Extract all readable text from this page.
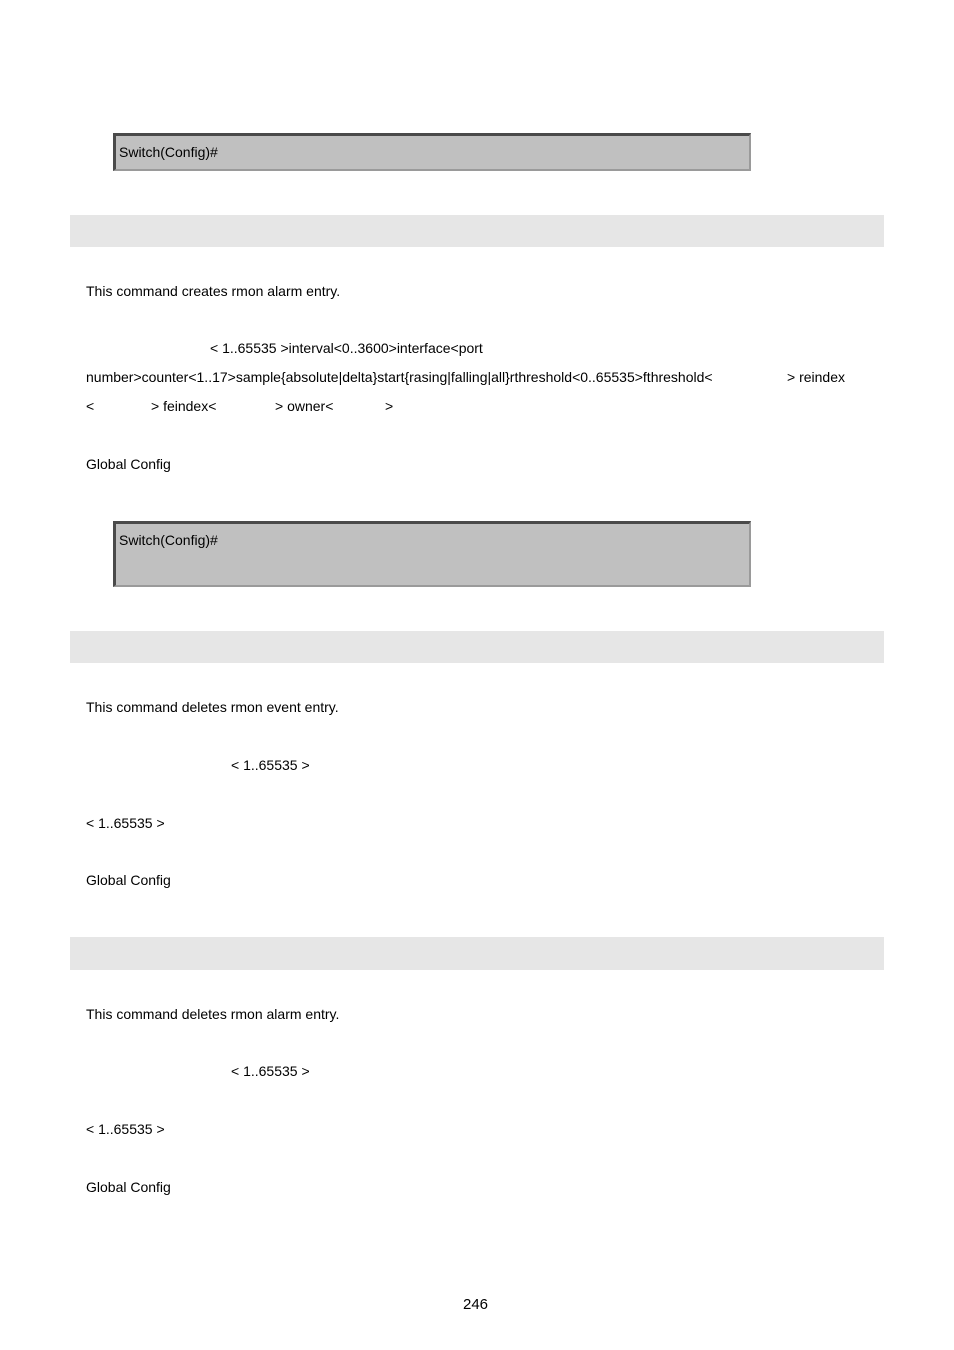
Switch(Config)#
This command creates rmon alarm entry.
< 1..65535 >interval<0..3600>interface<port
number>counter<1..17>sample{absolute|delta}start{rasing|falling|all}rthreshold<0..65535>fthreshold<	> reindex
<	> feindex<	> owner<	>
Global Config
Switch(Config)#
This command deletes rmon event entry.
< 1..65535 >
< 1..65535 >
Global Config
This command deletes rmon alarm entry.
< 1..65535 >
< 1..65535 >
Global Config
246
